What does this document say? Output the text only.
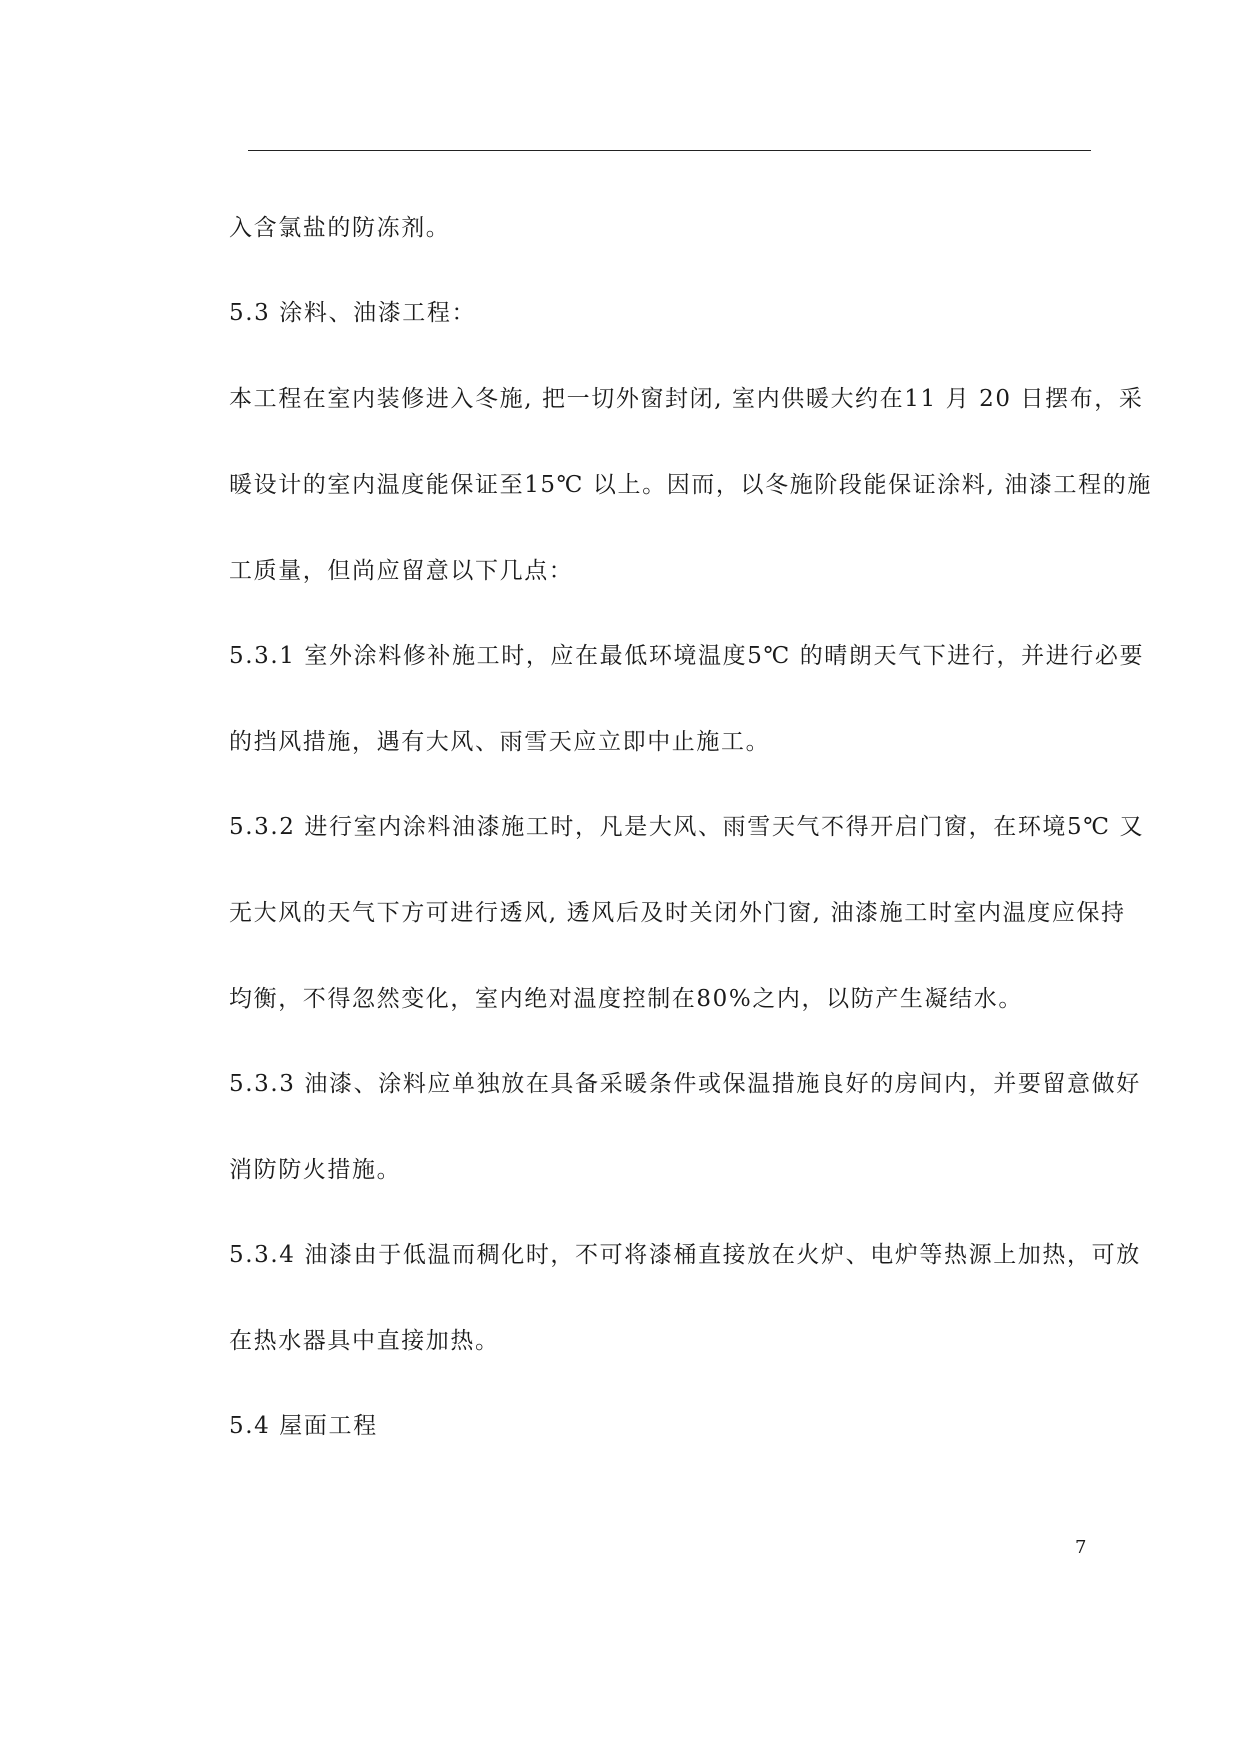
入含氯盐的防冻剂。
5.3 涂料、油漆工程：
本工程在室内装修进入冬施, 把一切外窗封闭, 室内供暖大约在11 月 20 日摆布，采
暖设计的室内温度能保证至15℃ 以上。因而，以冬施阶段能保证涂料, 油漆工程的施
工质量，但尚应留意以下几点：
5.3.1 室外涂料修补施工时，应在最低环境温度5℃ 的晴朗天气下进行，并进行必要
的挡风措施，遇有大风、雨雪天应立即中止施工。
5.3.2 进行室内涂料油漆施工时，凡是大风、雨雪天气不得开启门窗，在环境5℃ 又
无大风的天气下方可进行透风, 透风后及时关闭外门窗, 油漆施工时室内温度应保持
均衡，不得忽然变化，室内绝对温度控制在80%之内，以防产生凝结水。
5.3.3 油漆、涂料应单独放在具备采暖条件或保温措施良好的房间内，并要留意做好
消防防火措施。
5.3.4 油漆由于低温而稠化时，不可将漆桶直接放在火炉、电炉等热源上加热，可放
在热水器具中直接加热。
5.4 屋面工程
7
